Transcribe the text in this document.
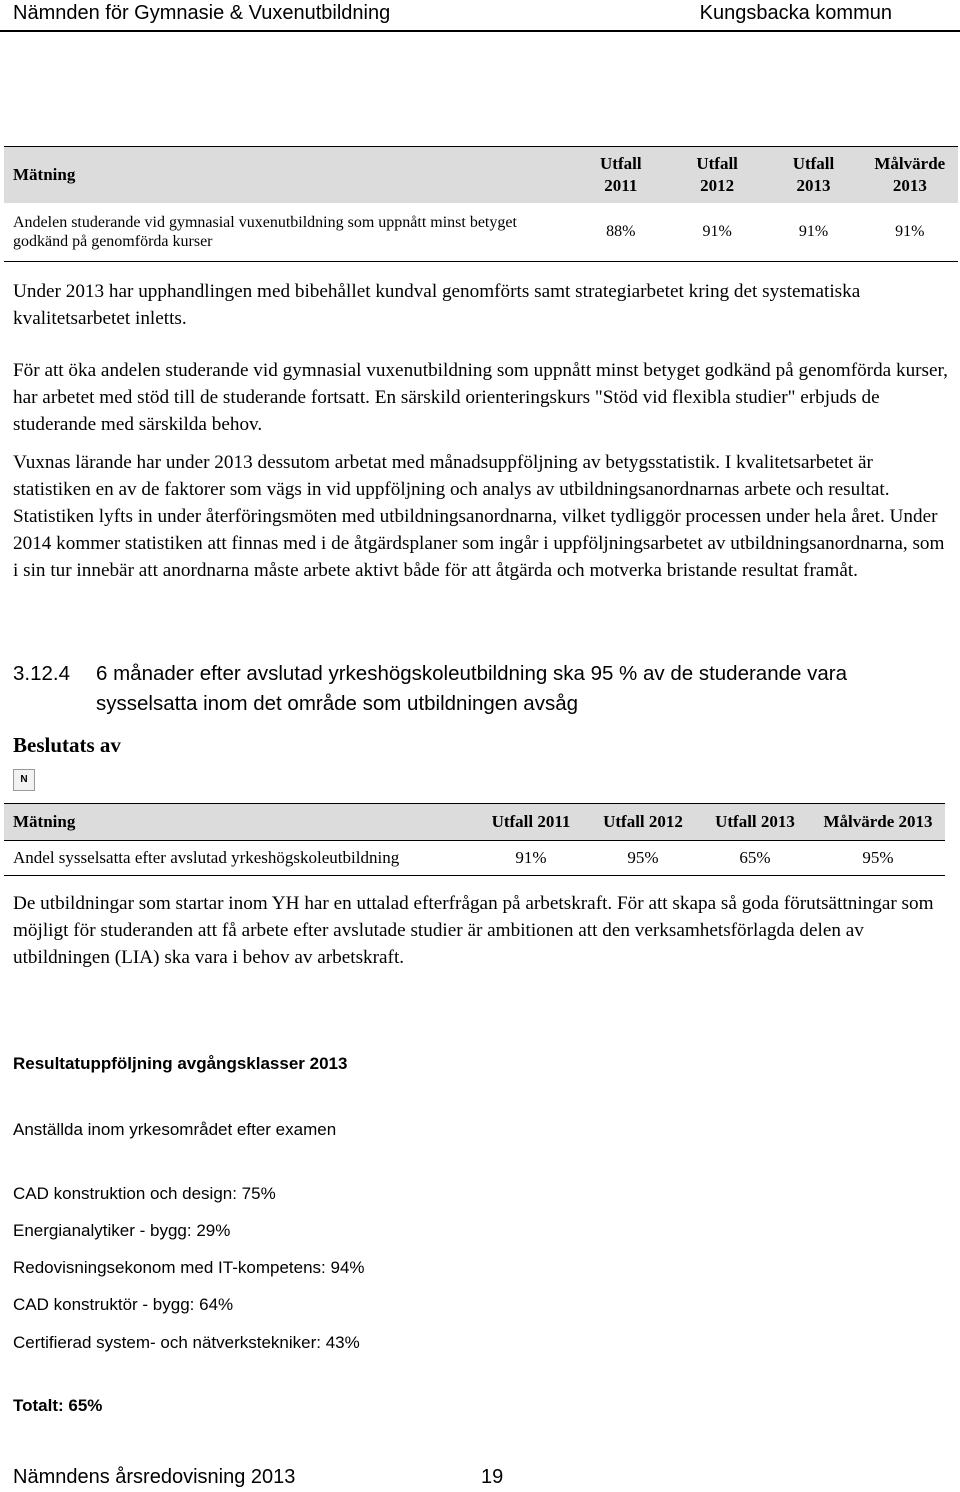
Nämnden för Gymnasie & Vuxenutbildning	Kungsbacka kommun
Mätning	Utfall 2011	Utfall 2012	Utfall 2013	Målvärde 2013
Andelen studerande vid gymnasial vuxenutbildning som uppnått minst betyget godkänd på genomförda kurser	88%	91%	91%	91%
Under 2013 har upphandlingen med bibehållet kundval genomförts samt strategiarbetet kring det systematiska kvalitetsarbetet inletts.
För att öka andelen studerande vid gymnasial vuxenutbildning som uppnått minst betyget godkänd på genomförda kurser, har arbetet med stöd till de studerande fortsatt. En särskild orienteringskurs "Stöd vid flexibla studier" erbjuds de studerande med särskilda behov.
Vuxnas lärande har under 2013 dessutom arbetat med månadsuppföljning av betygsstatistik. I kvalitetsarbetet är statistiken en av de faktorer som vägs in vid uppföljning och analys av utbildningsanordnarnas arbete och resultat. Statistiken lyfts in under återföringsmöten med utbildningsanordnarna, vilket tydliggör processen under hela året. Under 2014 kommer statistiken att finnas med i de åtgärdsplaner som ingår i uppföljningsarbetet av utbildningsanordnarna, som i sin tur innebär att anordnarna måste arbete aktivt både för att åtgärda och motverka bristande resultat framåt.
3.12.4 6 månader efter avslutad yrkeshögskoleutbildning ska 95 % av de studerande vara
sysselsatta inom det område som utbildningen avsåg
Beslutats av
N
Mätning	Utfall 2011	Utfall 2012	Utfall 2013	Målvärde 2013
Andel sysselsatta efter avslutad yrkeshögskoleutbildning	91%	95%	65%	95%
De utbildningar som startar inom YH har en uttalad efterfrågan på arbetskraft. För att skapa så goda förutsättningar som möjligt för studeranden att få arbete efter avslutade studier är ambitionen att den verksamhetsförlagda delen av utbildningen (LIA) ska vara i behov av arbetskraft.
Resultatuppföljning avgångsklasser 2013
Anställda inom yrkesområdet efter examen
CAD konstruktion och design: 75%
Energianalytiker - bygg: 29%
Redovisningsekonom med IT-kompetens: 94%
CAD konstruktör - bygg: 64%
Certifierad system- och nätverkstekniker: 43%
Totalt: 65%
Nämndens årsredovisning 2013	19
